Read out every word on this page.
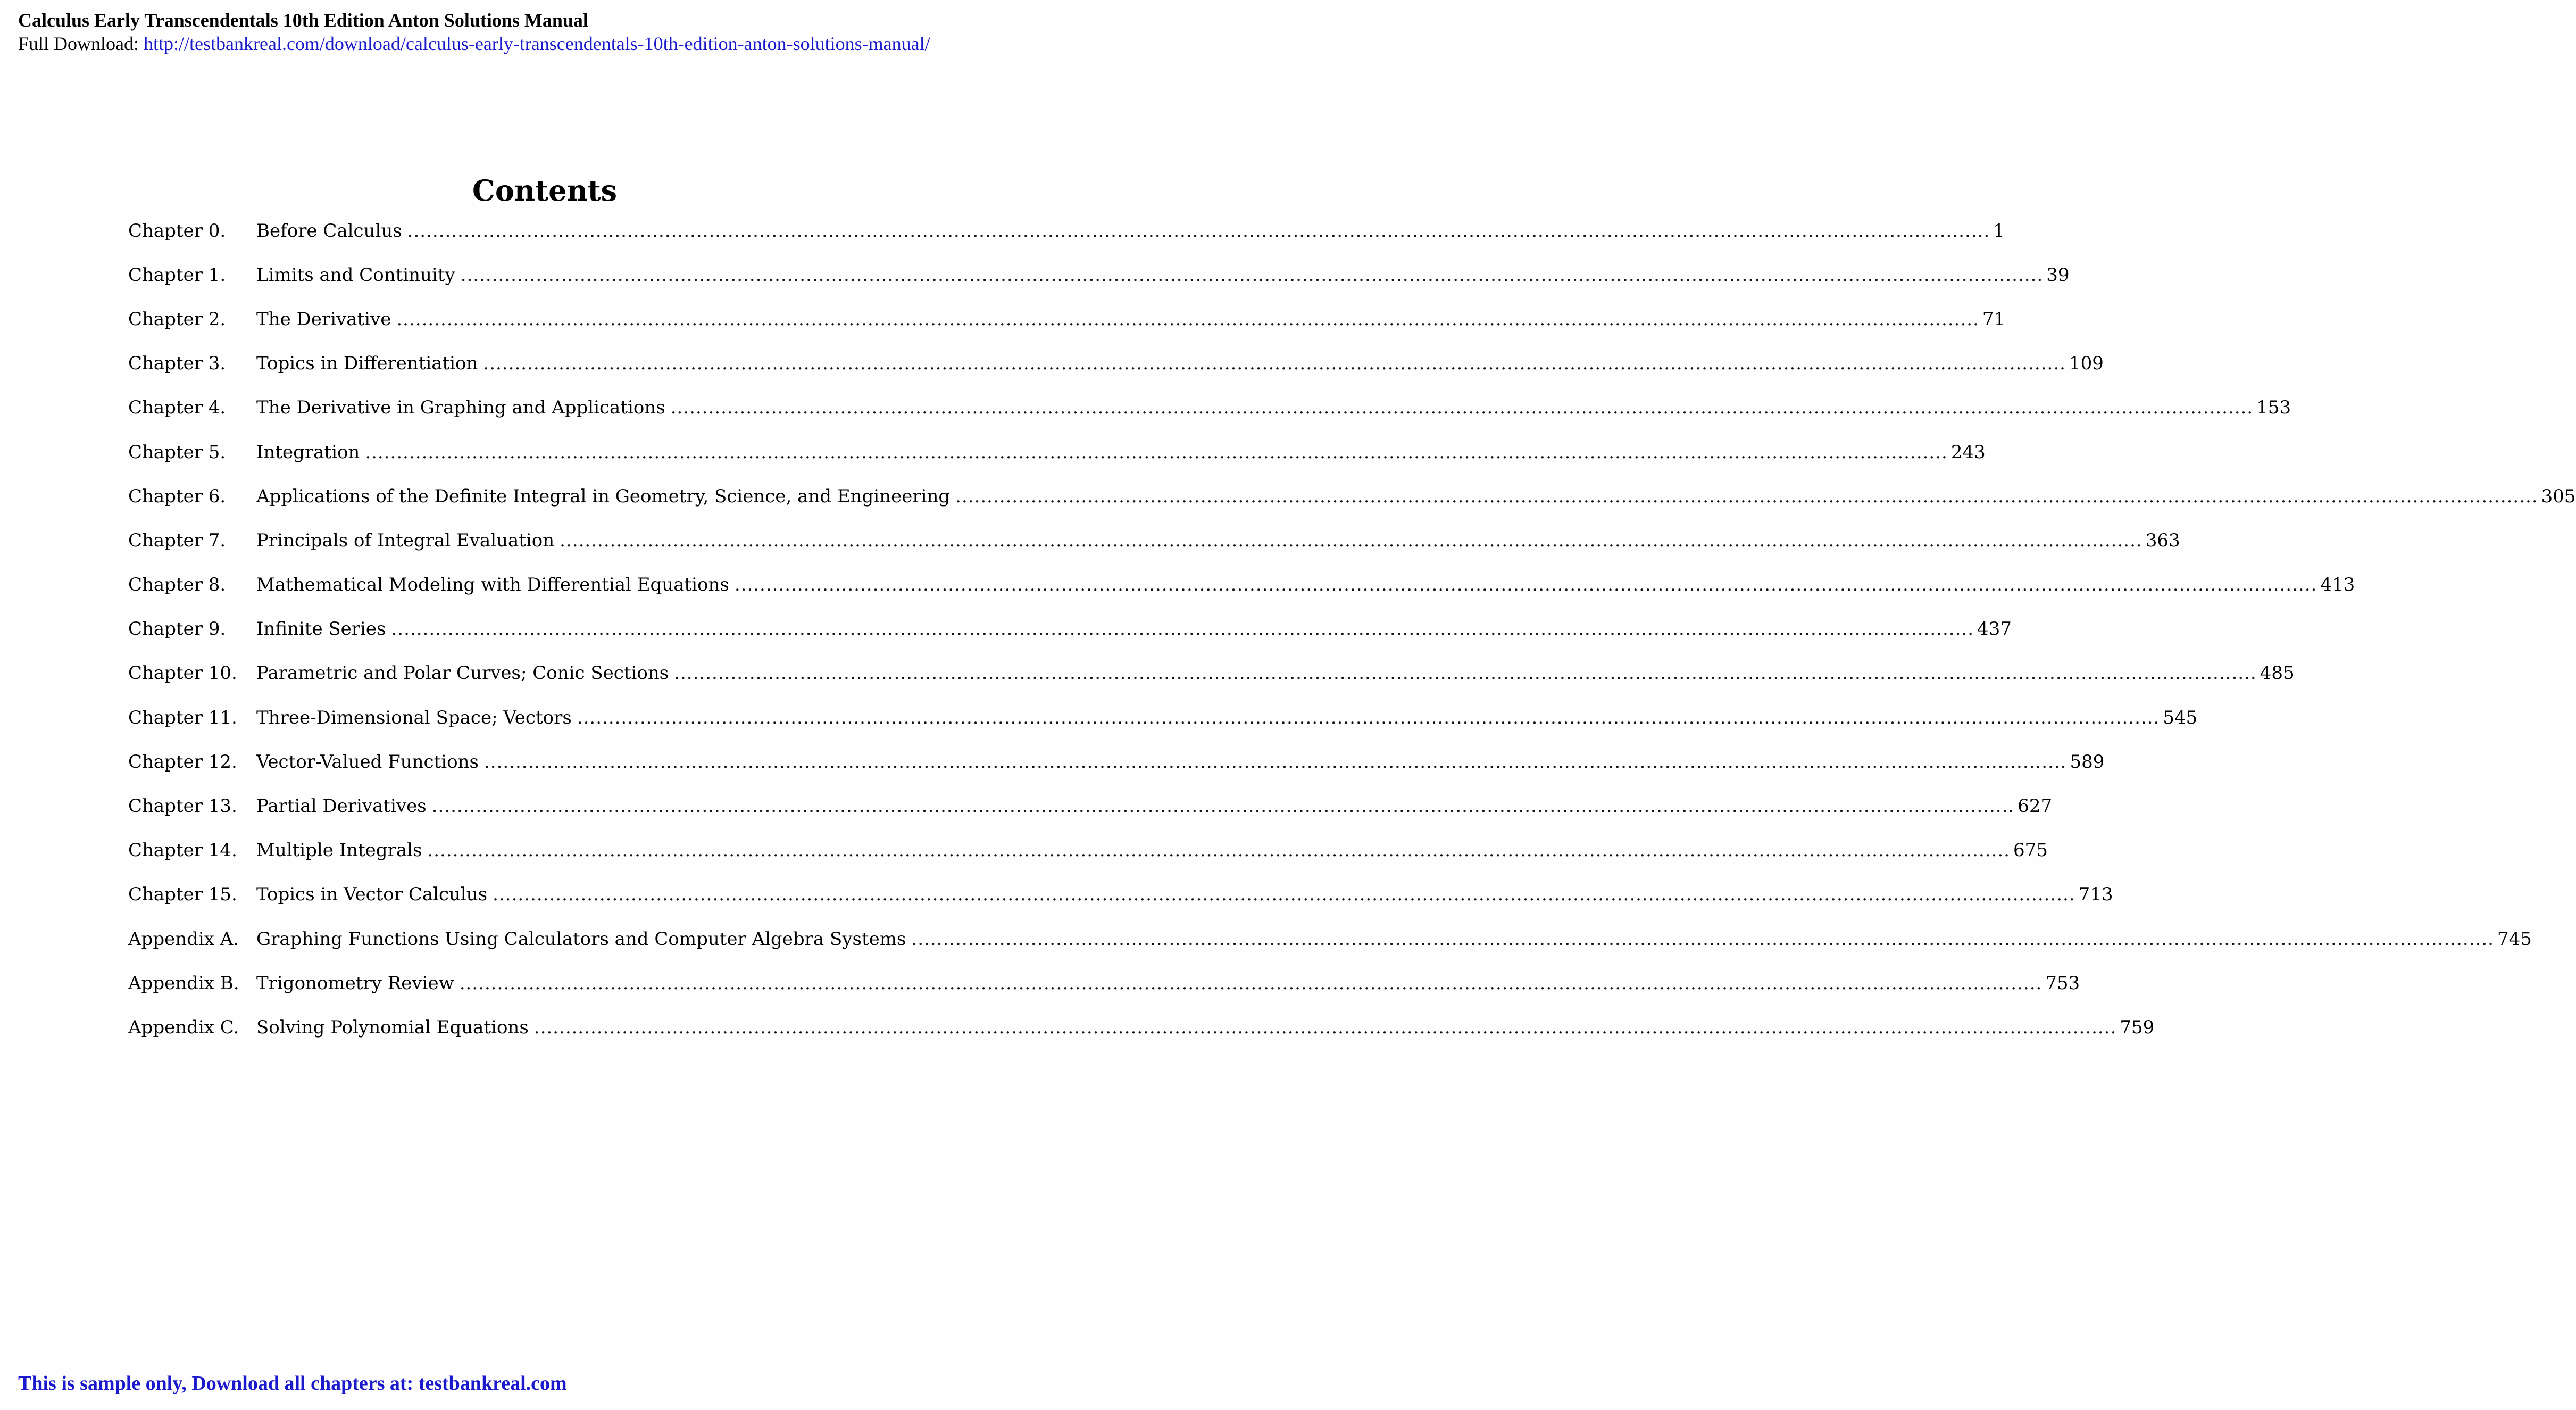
Calculus Early Transcendentals 10th Edition Anton Solutions Manual
Full Download: http://testbankreal.com/download/calculus-early-transcendentals-10th-edition-anton-solutions-manual/
Contents
Chapter 0.	Before Calculus .....	1
Chapter 1.	Limits and Continuity .....	39
Chapter 2.	The Derivative .....	71
Chapter 3.	Topics in Differentiation .....	109
Chapter 4.	The Derivative in Graphing and Applications .....	153
Chapter 5.	Integration .....	243
Chapter 6.	Applications of the Definite Integral in Geometry, Science, and Engineering .....	305
Chapter 7.	Principals of Integral Evaluation .....	363
Chapter 8.	Mathematical Modeling with Differential Equations .....	413
Chapter 9.	Infinite Series .....	437
Chapter 10.	Parametric and Polar Curves; Conic Sections .....	485
Chapter 11.	Three-Dimensional Space; Vectors .....	545
Chapter 12.	Vector-Valued Functions .....	589
Chapter 13.	Partial Derivatives .....	627
Chapter 14.	Multiple Integrals .....	675
Chapter 15.	Topics in Vector Calculus .....	713
Appendix A. Graphing Functions Using Calculators and Computer Algebra Systems .....	745
Appendix B. Trigonometry Review .....	753
Appendix C. Solving Polynomial Equations .....	759
This is sample only, Download all chapters at: testbankreal.com
